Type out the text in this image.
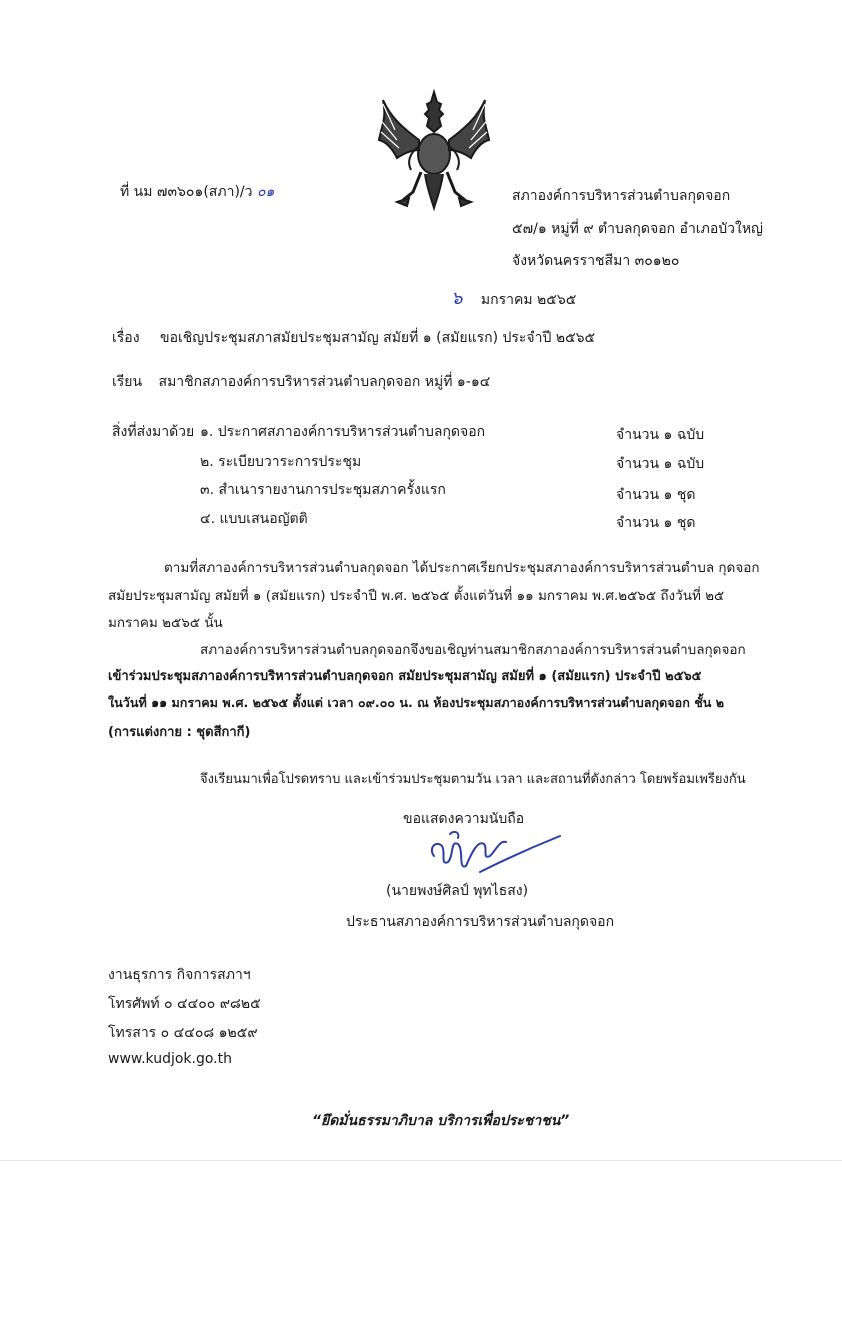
ที่ นม ๗๓๖๐๑(สภา)/ว ๐๑	สภาองค์การบริหารส่วนตำบลกุดจอก
๕๗/๑ หมู่ที่ ๙ ตำบลกุดจอก อำเภอบัวใหญ่
จังหวัดนครราชสีมา ๓๐๑๒๐
๖ มกราคม ๒๕๖๕
เรื่อง ขอเชิญประชุมสภาสมัยประชุมสามัญ สมัยที่ ๑ (สมัยแรก) ประจำปี ๒๕๖๕
เรียน สมาชิกสภาองค์การบริหารส่วนตำบลกุดจอก หมู่ที่ ๑-๑๔
สิ่งที่ส่งมาด้วย ๑. ประกาศสภาองค์การบริหารส่วนตำบลกุดจอก	จำนวน ๑ ฉบับ
๒. ระเบียบวาระการประชุม	จำนวน ๑ ฉบับ
๓. สำเนารายงานการประชุมสภาครั้งแรก	จำนวน ๑ ชุด
๔. แบบเสนอญัตติ	จำนวน ๑ ชุด
ตามที่สภาองค์การบริหารส่วนตำบลกุดจอก ได้ประกาศเรียกประชุมสภาองค์การบริหารส่วนตำบล กุดจอก
สมัยประชุมสามัญ สมัยที่ ๑ (สมัยแรก) ประจำปี พ.ศ. ๒๕๖๕ ตั้งแต่วันที่ ๑๑ มกราคม พ.ศ.๒๕๖๕ ถึงวันที่ ๒๕
มกราคม ๒๕๖๕ นั้น
สภาองค์การบริหารส่วนตำบลกุดจอกจึงขอเชิญท่านสมาชิกสภาองค์การบริหารส่วนตำบลกุดจอก
เข้าร่วมประชุมสภาองค์การบริหารส่วนตำบลกุดจอก สมัยประชุมสามัญ สมัยที่ ๑ (สมัยแรก) ประจำปี ๒๕๖๕
ในวันที่ ๑๑ มกราคม พ.ศ. ๒๕๖๕ ตั้งแต่ เวลา ๐๙.๐๐ น. ณ ห้องประชุมสภาองค์การบริหารส่วนตำบลกุดจอก ชั้น ๒
(การแต่งกาย : ชุดสีกากี)
จึงเรียนมาเพื่อโปรดทราบ และเข้าร่วมประชุมตามวัน เวลา และสถานที่ดังกล่าว โดยพร้อมเพรียงกัน
ขอแสดงความนับถือ
(นายพงษ์ศิลป์ พุทไธสง)
ประธานสภาองค์การบริหารส่วนตำบลกุดจอก
งานธุรการ กิจการสภาฯ
โทรศัพท์ ๐ ๔๔๐๐ ๙๘๒๕
โทรสาร ๐ ๔๔๐๘ ๑๒๕๙
www.kudjok.go.th
“ยึดมั่นธรรมาภิบาล บริการเพื่อประชาชน”
